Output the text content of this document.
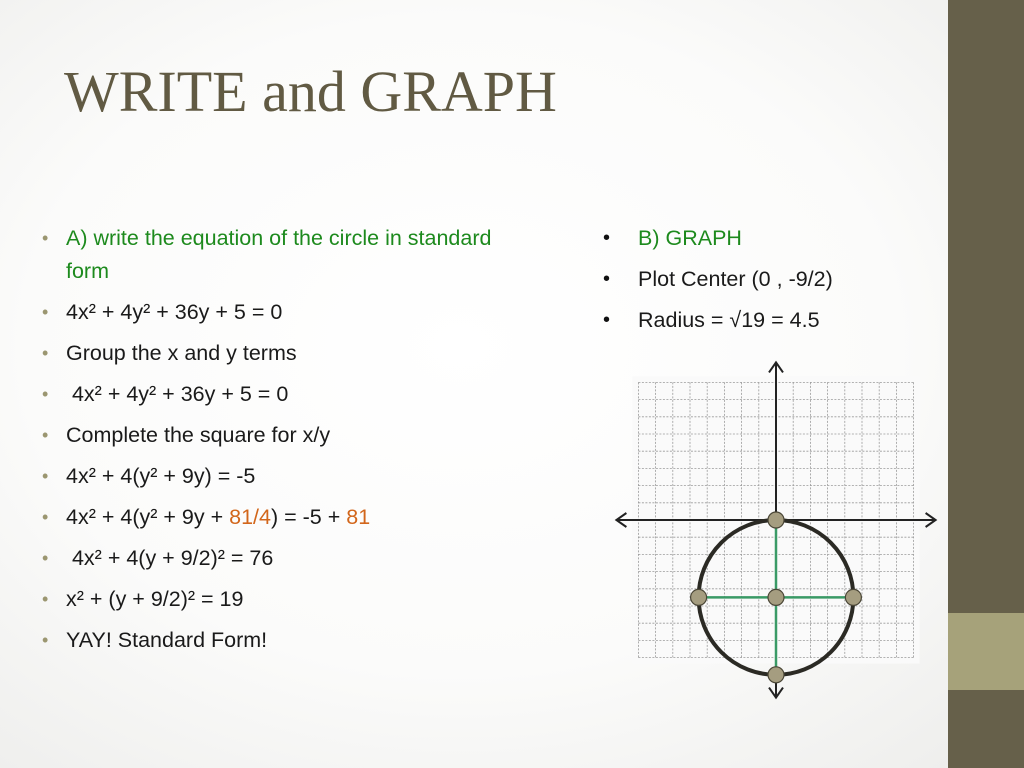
WRITE and GRAPH
• A) write the equation of the circle in standard form
• 4x² + 4y² + 36y + 5 = 0
• Group the x and y terms
• 4x² + 4y² + 36y + 5 = 0
• Complete the square for x/y
• 4x² + 4(y² + 9y) = -5
• 4x² + 4(y² + 9y + 81/4) = -5 + 81
• 4x² + 4(y + 9/2)² = 76
• x² + (y + 9/2)² = 19
• YAY! Standard Form!
• B) GRAPH
• Plot Center (0 , -9/2)
• Radius = √19 = 4.5
